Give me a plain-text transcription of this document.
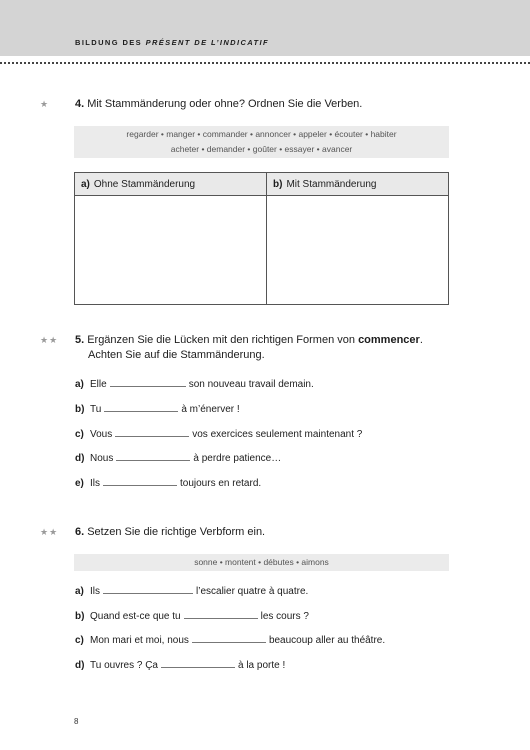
BILDUNG DES PRÉSENT DE L’INDICATIF
★ 4. Mit Stammänderung oder ohne? Ordnen Sie die Verben.
regarder • manger • commander • annoncer • appeler • écouter • habiter
acheter • demander • goûter • essayer • avancer
a) Ohne Stammänderung	b) Mit Stammänderung
★★ 5. Ergänzen Sie die Lücken mit den richtigen Formen von commencer.
Achten Sie auf die Stammänderung.
a) Elle	son nouveau travail demain.
b) Tu	à m’énerver !
c) Vous	vos exercices seulement maintenant ?
d) Nous	à perdre patience…
e) Ils	toujours en retard.
★★ 6. Setzen Sie die richtige Verbform ein.
sonne • montent • débutes • aimons
a) Ils	l’escalier quatre à quatre.
b) Quand est-ce que tu	les cours ?
c) Mon mari et moi, nous	beaucoup aller au théâtre.
d) Tu ouvres ? Ça	à la porte !
8
